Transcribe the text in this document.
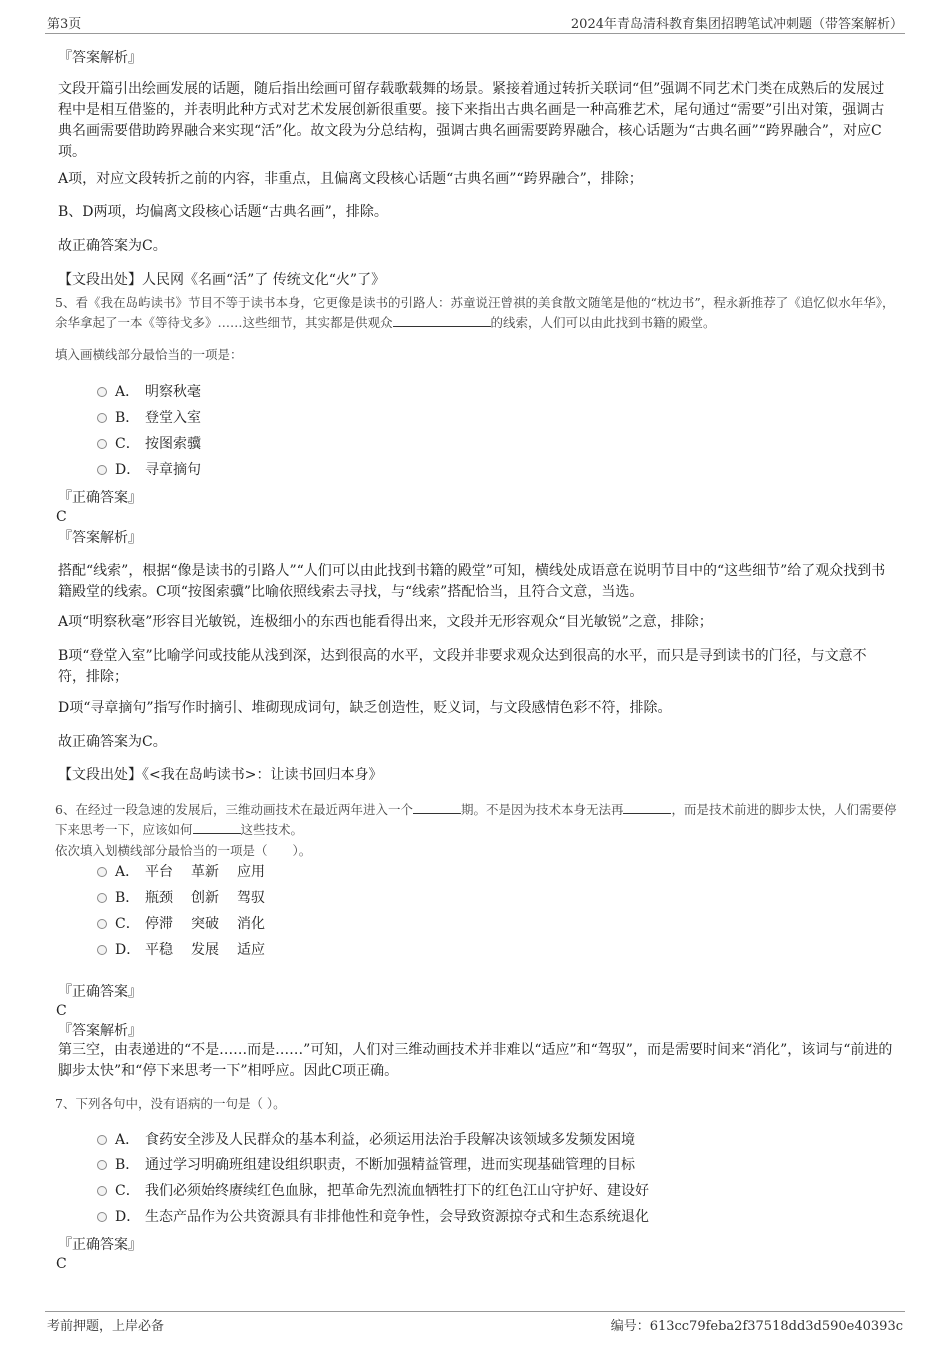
第3页	2024年青岛清科教育集团招聘笔试冲刺题（带答案解析）
『答案解析』
文段开篇引出绘画发展的话题，随后指出绘画可留存载歌载舞的场景。紧接着通过转折关联词“但”强调不同艺术门类在成熟后的发展过程中是相互借鉴的，并表明此种方式对艺术发展创新很重要。接下来指出古典名画是一种高雅艺术，尾句通过“需要”引出对策，强调古典名画需要借助跨界融合来实现“活”化。故文段为分总结构，强调古典名画需要跨界融合，核心话题为“古典名画”“跨界融合”，对应C项。
A项，对应文段转折之前的内容，非重点，且偏离文段核心话题“古典名画”“跨界融合”，排除；
B、D两项，均偏离文段核心话题“古典名画”，排除。
故正确答案为C。
【文段出处】人民网《名画“活”了 传统文化“火”了》
5、看《我在岛屿读书》节目不等于读书本身，它更像是读书的引路人：苏童说汪曾祺的美食散文随笔是他的“枕边书”，程永新推荐了《追忆似水年华》，余华拿起了一本《等待戈多》……这些细节，其实都是供观众	的线索，人们可以由此找到书籍的殿堂。
填入画横线部分最恰当的一项是：
A． 明察秋毫
B． 登堂入室
C． 按图索骥
D． 寻章摘句
『正确答案』
C
『答案解析』
搭配“线索”，根据“像是读书的引路人”“人们可以由此找到书籍的殿堂”可知，横线处成语意在说明节目中的“这些细节”给了观众找到书籍殿堂的线索。C项“按图索骥”比喻依照线索去寻找，与“线索”搭配恰当，且符合文意，当选。
A项“明察秋毫”形容目光敏锐，连极细小的东西也能看得出来，文段并无形容观众“目光敏锐”之意，排除；
B项“登堂入室”比喻学问或技能从浅到深，达到很高的水平，文段并非要求观众达到很高的水平，而只是寻到读书的门径，与文意不符，排除；
D项“寻章摘句”指写作时摘引、堆砌现成词句，缺乏创造性，贬义词，与文段感情色彩不符，排除。
故正确答案为C。
【文段出处】《<我在岛屿读书>：让读书回归本身》
6、在经过一段急速的发展后，三维动画技术在最近两年进入一个	期。不是因为技术本身无法再	，而是技术前进的脚步太快，人们需要停下来思考一下，应该如何	这些技术。
依次填入划横线部分最恰当的一项是（　　）。
A． 平台 革新 应用
B． 瓶颈 创新 驾驭
C． 停滞 突破 消化
D． 平稳 发展 适应
『正确答案』
C
『答案解析』
第三空，由表递进的“不是……而是……”可知，人们对三维动画技术并非难以“适应”和“驾驭”，而是需要时间来“消化”，该词与“前进的脚步太快”和“停下来思考一下”相呼应。因此C项正确。
7、下列各句中，没有语病的一句是（ ）。
A． 食药安全涉及人民群众的基本利益，必须运用法治手段解决该领域多发频发困境
B． 通过学习明确班组建设组织职责，不断加强精益管理，进而实现基础管理的目标
C． 我们必须始终赓续红色血脉，把革命先烈流血牺牲打下的红色江山守护好、建设好
D． 生态产品作为公共资源具有非排他性和竞争性，会导致资源掠夺式和生态系统退化
『正确答案』
C
考前押题，上岸必备	编号：613cc79feba2f37518dd3d590e40393c
